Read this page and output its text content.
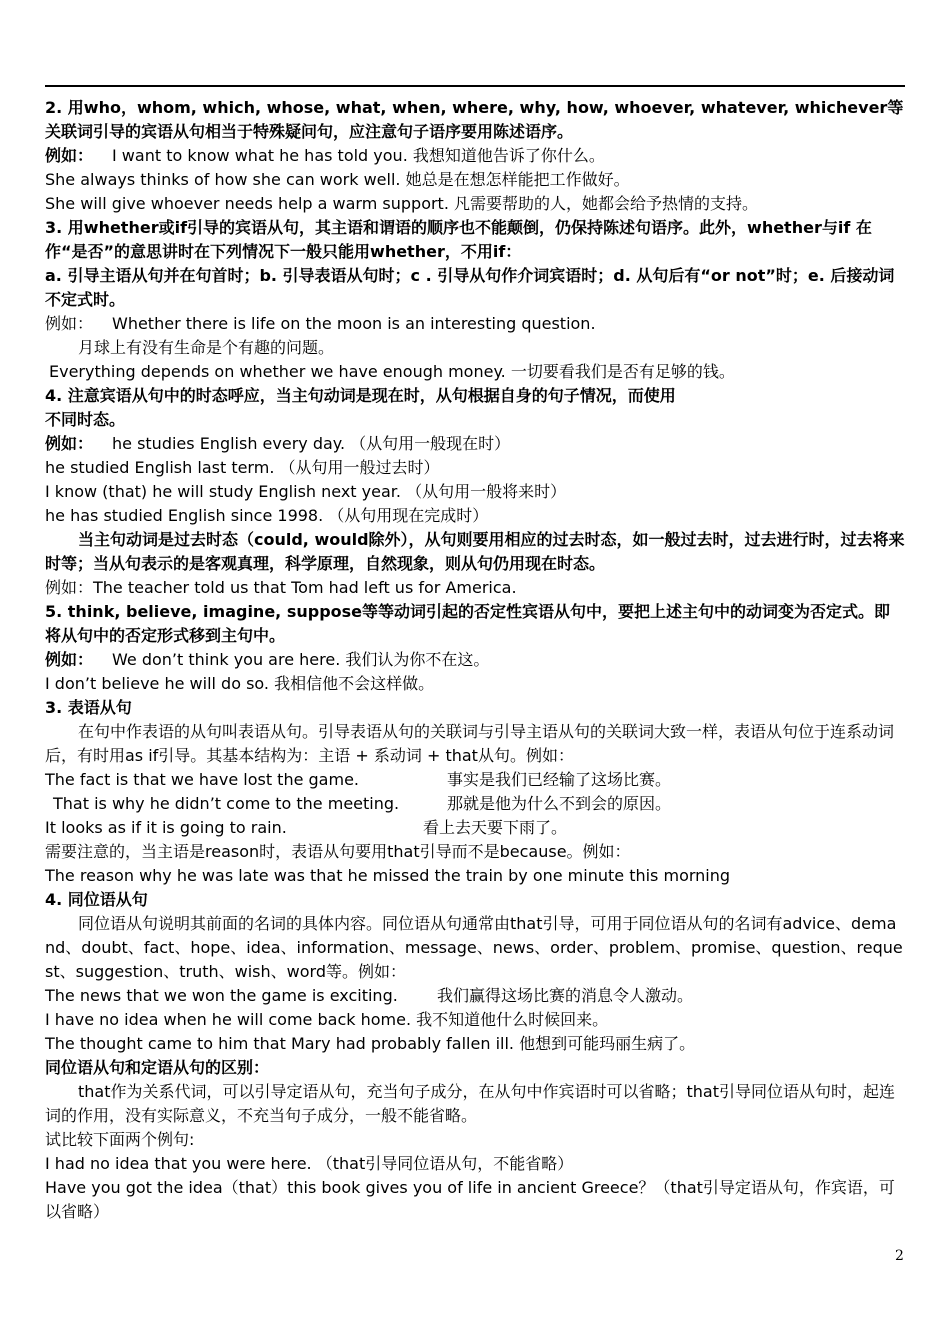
2. 用who，whom, which, whose, what, when, where, why, how, whoever, whatever, whichever等关联词引导的宾语从句相当于特殊疑问句，应注意句子语序要用陈述语序。

例如： I want to know what he has told you. 我想知道他告诉了你什么。

She always thinks of how she can work well. 她总是在想怎样能把工作做好。

She will give whoever needs help a warm support. 凡需要帮助的人，她都会给予热情的支持。

3. 用whether或if引导的宾语从句，其主语和谓语的顺序也不能颠倒，仍保持陈述句语序。此外，whether与if 在作“是否”的意思讲时在下列情况下一般只能用whether，不用if：

a. 引导主语从句并在句首时；b. 引导表语从句时；c . 引导从句作介词宾语时；d. 从句后有“or not”时；e. 后接动词不定式时。

例如： Whether there is life on the moon is an interesting question.

月球上有没有生命是个有趣的问题。

Everything depends on whether we have enough money. 一切要看我们是否有足够的钱。

4. 注意宾语从句中的时态呼应，当主句动词是现在时，从句根据自身的句子情况，而使用

不同时态。

例如： he studies English every day. （从句用一般现在时）

he studied English last term. （从句用一般过去时）

I know (that) he will study English next year. （从句用一般将来时）

he has studied English since 1998. （从句用现在完成时）

当主句动词是过去时态（could, would除外），从句则要用相应的过去时态，如一般过去时，过去进行时，过去将来时等；当从句表示的是客观真理，科学原理，自然现象，则从句仍用现在时态。

例如：The teacher told us that Tom had left us for America.

5. think, believe, imagine, suppose等等动词引起的否定性宾语从句中，要把上述主句中的动词变为否定式。即将从句中的否定形式移到主句中。

例如： We don’t think you are here. 我们认为你不在这。

I don’t believe he will do so. 我相信他不会这样做。

3. 表语从句

在句中作表语的从句叫表语从句。引导表语从句的关联词与引导主语从句的关联词大致一样，表语从句位于连系动词后，有时用as if引导。其基本结构为：主语 + 系动词 + that从句。例如：

The fact is that we have lost the game.	事实是我们已经输了这场比赛。

That is why he didn’t come to the meeting.	那就是他为什么不到会的原因。

It looks as if it is going to rain.	看上去天要下雨了。

需要注意的，当主语是reason时，表语从句要用that引导而不是because。例如：

The reason why he was late was that he missed the train by one minute this morning

4. 同位语从句

同位语从句说明其前面的名词的具体内容。同位语从句通常由that引导，可用于同位语从句的名词有advice、demand、doubt、fact、hope、idea、information、message、news、order、problem、promise、question、request、suggestion、truth、wish、word等。例如：

The news that we won the game is exciting. 我们赢得这场比赛的消息令人激动。

I have no idea when he will come back home. 我不知道他什么时候回来。

The thought came to him that Mary had probably fallen ill. 他想到可能玛丽生病了。

同位语从句和定语从句的区别：

that作为关系代词，可以引导定语从句，充当句子成分，在从句中作宾语时可以省略；that引导同位语从句时，起连词的作用，没有实际意义，不充当句子成分，一般不能省略。

试比较下面两个例句:

I had no idea that you were here. （that引导同位语从句，不能省略）

Have you got the idea（that）this book gives you of life in ancient Greece？（that引导定语从句，作宾语，可以省略）

2
